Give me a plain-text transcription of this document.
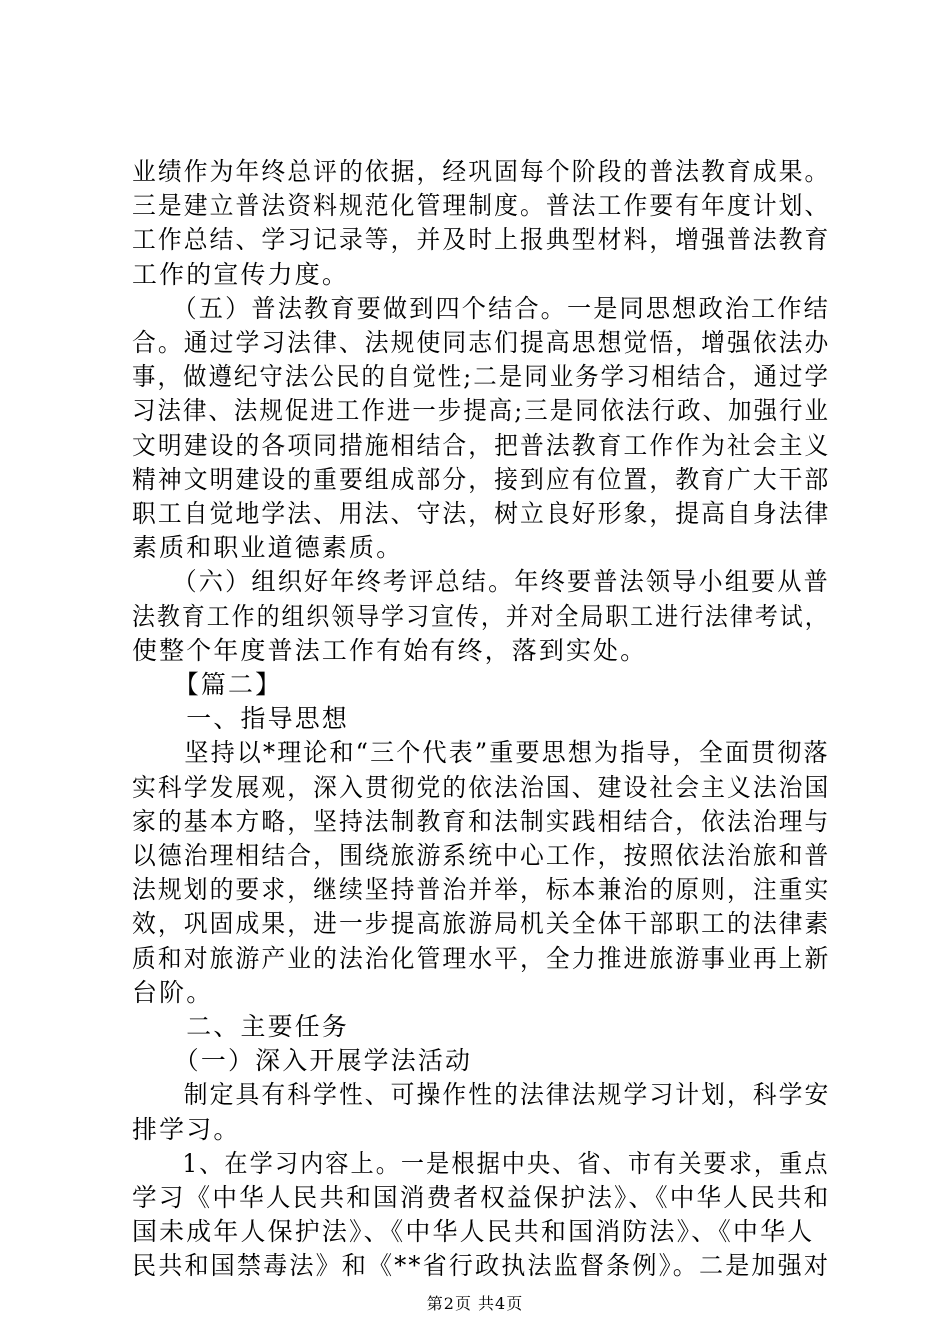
业绩作为年终总评的依据，经巩固每个阶段的普法教育成果。
三是建立普法资料规范化管理制度。普法工作要有年度计划、
工作总结、学习记录等，并及时上报典型材料，增强普法教育
工作的宣传力度。
　　（五）普法教育要做到四个结合。一是同思想政治工作结
合。通过学习法律、法规使同志们提高思想觉悟，增强依法办
事，做遵纪守法公民的自觉性;二是同业务学习相结合，通过学
习法律、法规促进工作进一步提高;三是同依法行政、加强行业
文明建设的各项同措施相结合，把普法教育工作作为社会主义
精神文明建设的重要组成部分，接到应有位置，教育广大干部
职工自觉地学法、用法、守法，树立良好形象，提高自身法律
素质和职业道德素质。
　　（六）组织好年终考评总结。年终要普法领导小组要从普
法教育工作的组织领导学习宣传，并对全局职工进行法律考试，
使整个年度普法工作有始有终，落到实处。
　　【篇二】
　　一、指导思想
　　坚持以*理论和“三个代表”重要思想为指导，全面贯彻落
实科学发展观，深入贯彻党的依法治国、建设社会主义法治国
家的基本方略，坚持法制教育和法制实践相结合，依法治理与
以德治理相结合，围绕旅游系统中心工作，按照依法治旅和普
法规划的要求，继续坚持普治并举，标本兼治的原则，注重实
效，巩固成果，进一步提高旅游局机关全体干部职工的法律素
质和对旅游产业的法治化管理水平，全力推进旅游事业再上新
台阶。
　　二、主要任务
　　（一）深入开展学法活动
　　制定具有科学性、可操作性的法律法规学习计划，科学安
排学习。
　　1、在学习内容上。一是根据中央、省、市有关要求，重点
学习《中华人民共和国消费者权益保护法》、《中华人民共和
国未成年人保护法》、《中华人民共和国消防法》、《中华人
民共和国禁毒法》和《**省行政执法监督条例》。二是加强对
第2页 共4页
